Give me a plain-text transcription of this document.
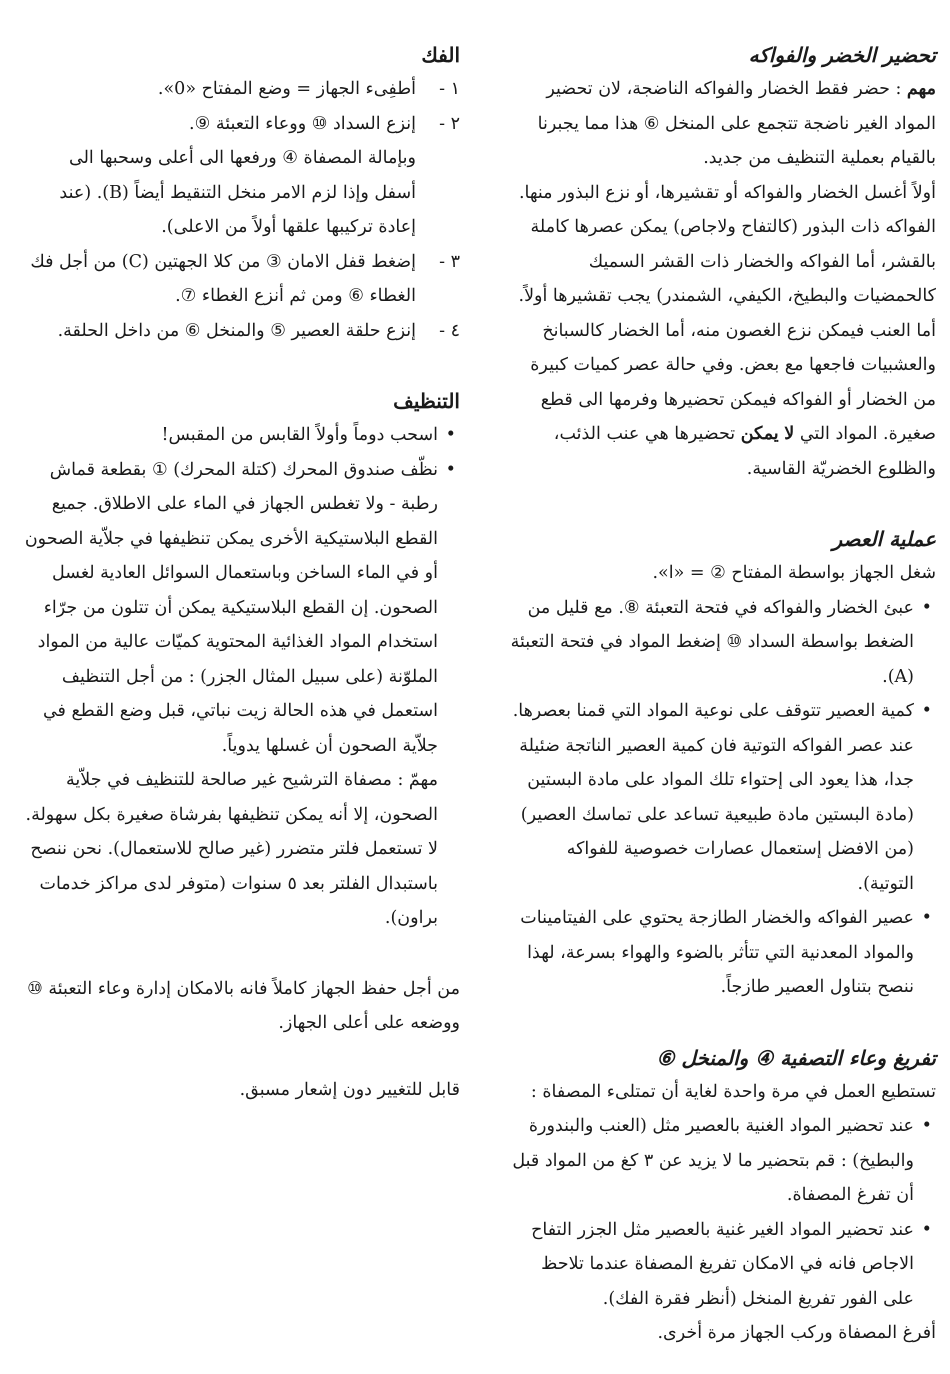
تحضير الخضر والفواكه

مهم : حضر فقط الخضار والفواكه الناضجة، لان تحضير المواد الغير ناضجة تتجمع على المنخل ⑥ هذا مما يجبرنا بالقيام بعملية التنظيف من جديد.

أولاً أغسل الخضار والفواكه أو تقشيرها، أو نزع البذور منها. الفواكه ذات البذور (كالتفاح ولاجاص) يمكن عصرها كاملة بالقشر، أما الفواكه والخضار ذات القشر السميك كالحمضيات والبطيخ، الكيفي، الشمندر) يجب تقشيرها أولاً. أما العنب فيمكن نزع الغصون منه، أما الخضار كالسبانخ والعشبيات فاجعها مع بعض. وفي حالة عصر كميات كبيرة من الخضار أو الفواكه فيمكن تحضيرها وفرمها الى قطع صغيرة. المواد التي لا يمكن تحضيرها هي عنب الذئب، والظلوع الخضريّة القاسية.

عملية العصر

شغل الجهاز بواسطة المفتاح ② = «ا».

•
عبئ الخضار والفواكه في فتحة التعبئة ⑧. مع قليل من الضغط بواسطة السداد ⑩ إضغط المواد في فتحة التعبئة (A).
•
كمية العصير تتوقف على نوعية المواد التي قمنا بعصرها. عند عصر الفواكه التوتية فان كمية العصير الناتجة ضئيلة جدا، هذا يعود الى إحتواء تلك المواد على مادة البستين (مادة البستين مادة طبيعية تساعد على تماسك العصير) (من الافضل إستعمال عصارات خصوصية للفواكه التوتية).
•
عصير الفواكه والخضار الطازجة يحتوي على الفيتامينات والمواد المعدنية التي تتأثر بالضوء والهواء بسرعة، لهذا ننصح بتناول العصير طازجاً.
تفريغ وعاء التصفية ④ والمنخل ⑥

تستطيع العمل في مرة واحدة لغاية أن تمتلىء المصفاة :

•
عند تحضير المواد الغنية بالعصير مثل (العنب والبندورة والبطيخ) : قم بتحضير ما لا يزيد عن ٣ كغ من المواد قبل أن تفرغ المصفاة.
•
عند تحضير المواد الغير غنية بالعصير مثل الجزر التفاح الاجاص فانه في الامكان تفريغ المصفاة عندما تلاحظ على الفور تفريغ المنخل (أنظر فقرة الفك).

أفرغ المصفاة وركب الجهاز مرة أخرى.

الفك
١ -
أطفِىء الجهاز = وضع المفتاح «0».
٢ -
إنزع السداد ⑩ ووعاء التعبئة ⑨.

وبإمالة المصفاة ④ ورفعها الى أعلى وسحبها الى أسفل وإذا لزم الامر منخل التنقيط أيضاً (B). (عند إعادة تركيبها علقها أولاً من الاعلى).

٣ -
إضغط قفل الامان ③ من كلا الجهتين (C) من أجل فك الغطاء ⑥ ومن ثم أنزع الغطاء ⑦.
٤ -
إنزع حلقة العصير ⑤ والمنخل ⑥ من داخل الحلقة.
التنظيف
•
اسحب دوماً وأولاً القابس من المقبس!
•
نظّف صندوق المحرك (كتلة المحرك) ① بقطعة قماش رطبة - ولا تغطس الجهاز في الماء على الاطلاق. جميع القطع البلاستيكية الأخرى يمكن تنظيفها في جلاّية الصحون أو في الماء الساخن وباستعمال السوائل العادية لغسل الصحون. إن القطع البلاستيكية يمكن أن تتلون من جرّاء استخدام المواد الغذائية المحتوية كميّات عالية من المواد الملوّنة (على سبيل المثال الجزر) : من أجل التنظيف استعمل في هذه الحالة زيت نباتي، قبل وضع القطع في جلاّية الصحون أن غسلها يدوياً.

مهمّ : مصفاة الترشيح غير صالحة للتنظيف في جلاّية الصحون، إلا أنه يمكن تنظيفها بفرشاة صغيرة بكل سهولة. لا تستعمل فلتر متضرر (غير صالح للاستعمال). نحن ننصح باستبدال الفلتر بعد ٥ سنوات (متوفر لدى مراكز خدمات براون).

من أجل حفظ الجهاز كاملاً فانه بالامكان إدارة وعاء التعبئة ⑩ ووضعه على أعلى الجهاز.

قابل للتغيير دون إشعار مسبق.
